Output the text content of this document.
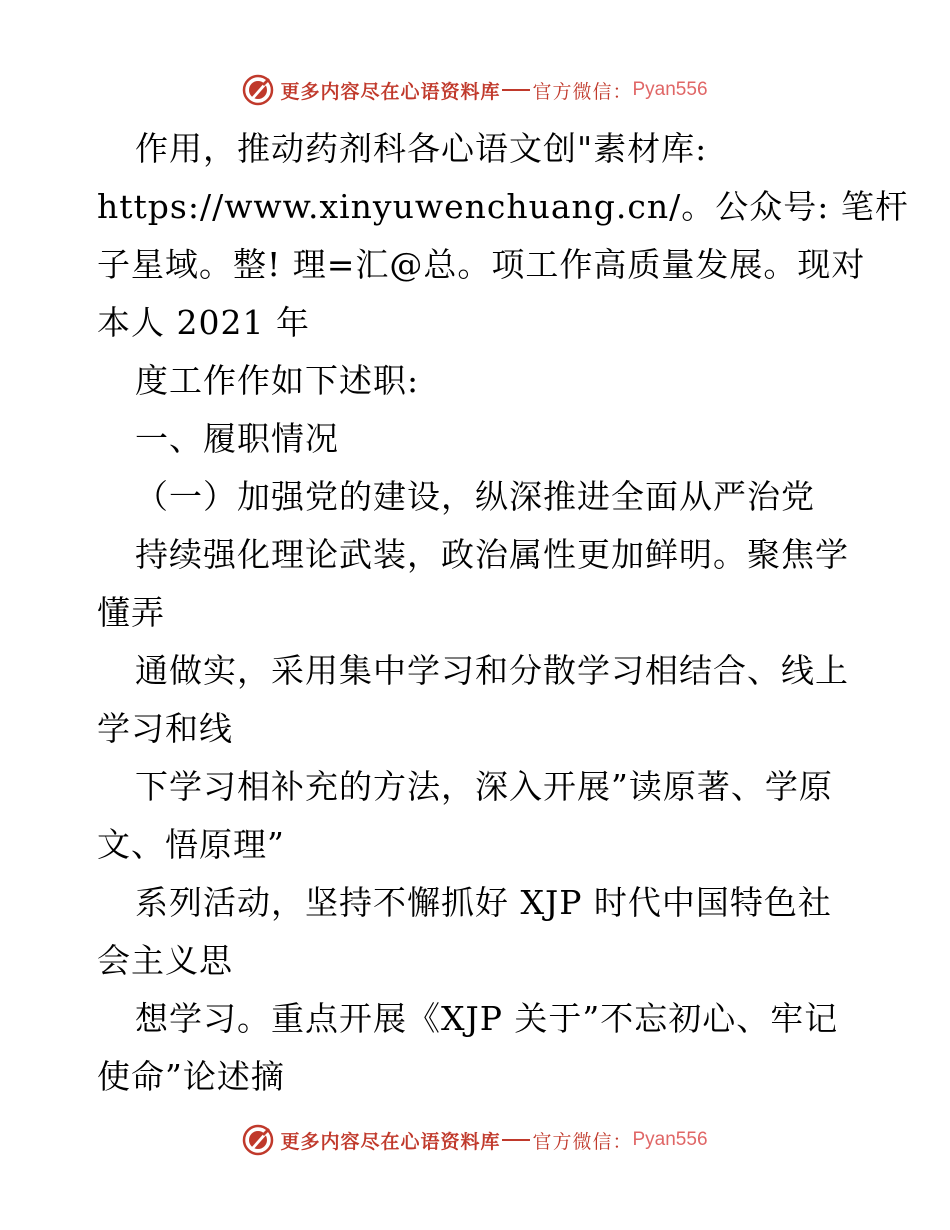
更多内容尽在心语资料库 官方微信： Pyan556
作用，推动药剂科各心语文创"素材库:
https://www.xinyuwenchuang.cn/。公众号: 笔杆
子星域。整! 理=汇@总。项工作高质量发展。现对
本人 2021 年
度工作作如下述职:
一、履职情况
（一）加强党的建设，纵深推进全面从严治党
持续强化理论武装，政治属性更加鲜明。聚焦学
懂弄
通做实，采用集中学习和分散学习相结合、线上
学习和线
下学习相补充的方法，深入开展”读原著、学原
文、悟原理”
系列活动，坚持不懈抓好 XJP 时代中国特色社
会主义思
想学习。重点开展《XJP 关于”不忘初心、牢记
使命”论述摘
更多内容尽在心语资料库 官方微信： Pyan556
